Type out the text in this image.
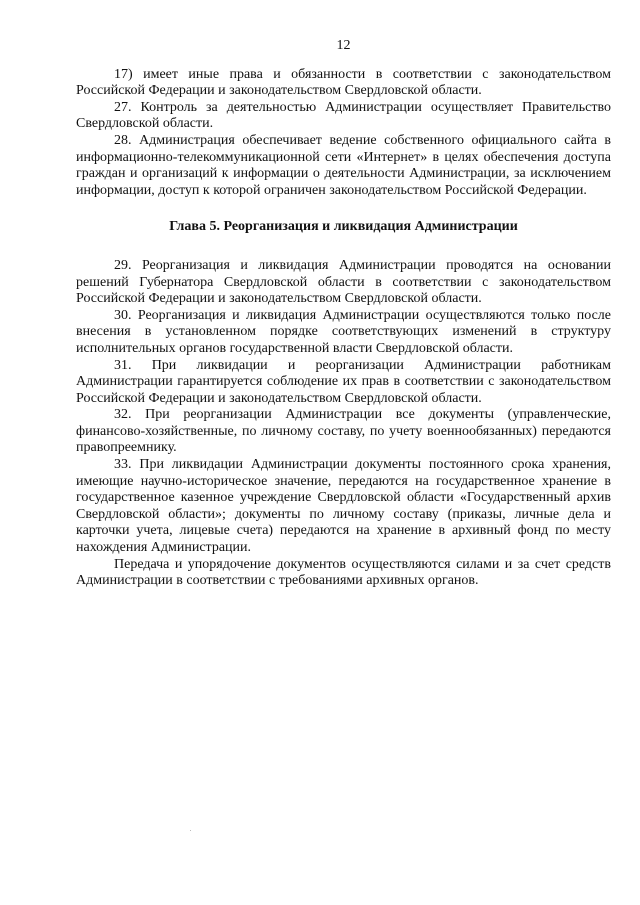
12

17) имеет иные права и обязанности в соответствии с законодательством Российской Федерации и законодательством Свердловской области.

27. Контроль за деятельностью Администрации осуществляет Правительство Свердловской области.

28. Администрация обеспечивает ведение собственного официального сайта в информационно-телекоммуникационной сети «Интернет» в целях обеспечения доступа граждан и организаций к информации о деятельности Администрации, за исключением информации, доступ к которой ограничен законодательством Российской Федерации.

Глава 5. Реорганизация и ликвидация Администрации

29. Реорганизация и ликвидация Администрации проводятся на основании решений Губернатора Свердловской области в соответствии с законодательством Российской Федерации и законодательством Свердловской области.

30. Реорганизация и ликвидация Администрации осуществляются только после внесения в установленном порядке соответствующих изменений в структуру исполнительных органов государственной власти Свердловской области.

31. При ликвидации и реорганизации Администрации работникам Администрации гарантируется соблюдение их прав в соответствии с законодательством Российской Федерации и законодательством Свердловской области.

32. При реорганизации Администрации все документы (управленческие, финансово-хозяйственные, по личному составу, по учету военнообязанных) передаются правопреемнику.

33. При ликвидации Администрации документы постоянного срока хранения, имеющие научно-историческое значение, передаются на государственное хранение в государственное казенное учреждение Свердловской области «Государственный архив Свердловской области»; документы по личному составу (приказы, личные дела и карточки учета, лицевые счета) передаются на хранение в архивный фонд по месту нахождения Администрации.

Передача и упорядочение документов осуществляются силами и за счет средств Администрации в соответствии с требованиями архивных органов.
